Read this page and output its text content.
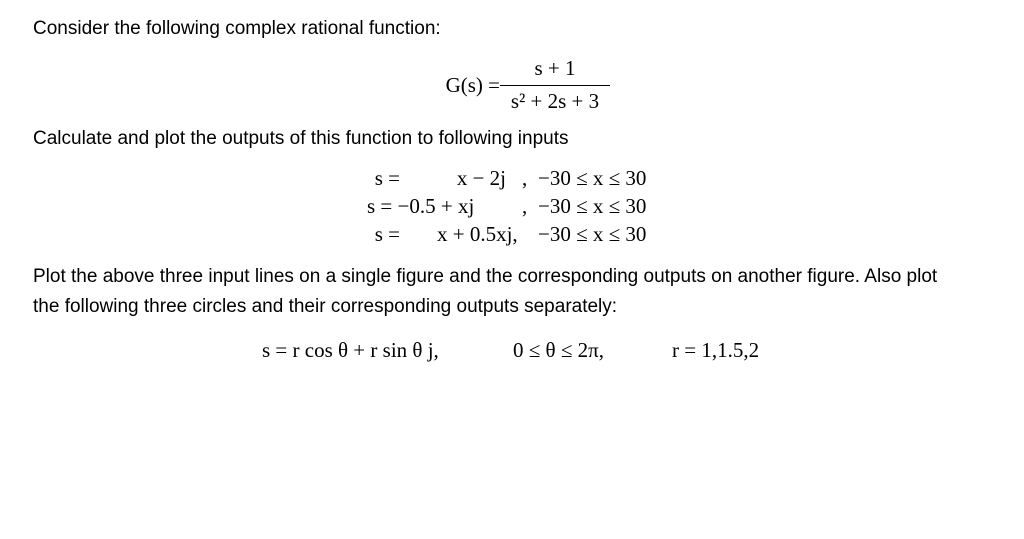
Consider the following complex rational function:
G(s) =
s + 1
s² + 2s + 3
Calculate and plot the outputs of this function to following inputs
s =	x − 2j , −30 ≤ x ≤ 30
s = −0.5 + xj , −30 ≤ x ≤ 30
s = x + 0.5xj, −30 ≤ x ≤ 30
Plot the above three input lines on a single figure and the corresponding outputs on another figure. Also plot
the following three circles and their corresponding outputs separately:
s = r cos θ + r sin θ j,	0 ≤ θ ≤ 2π,	r = 1,1.5,2
